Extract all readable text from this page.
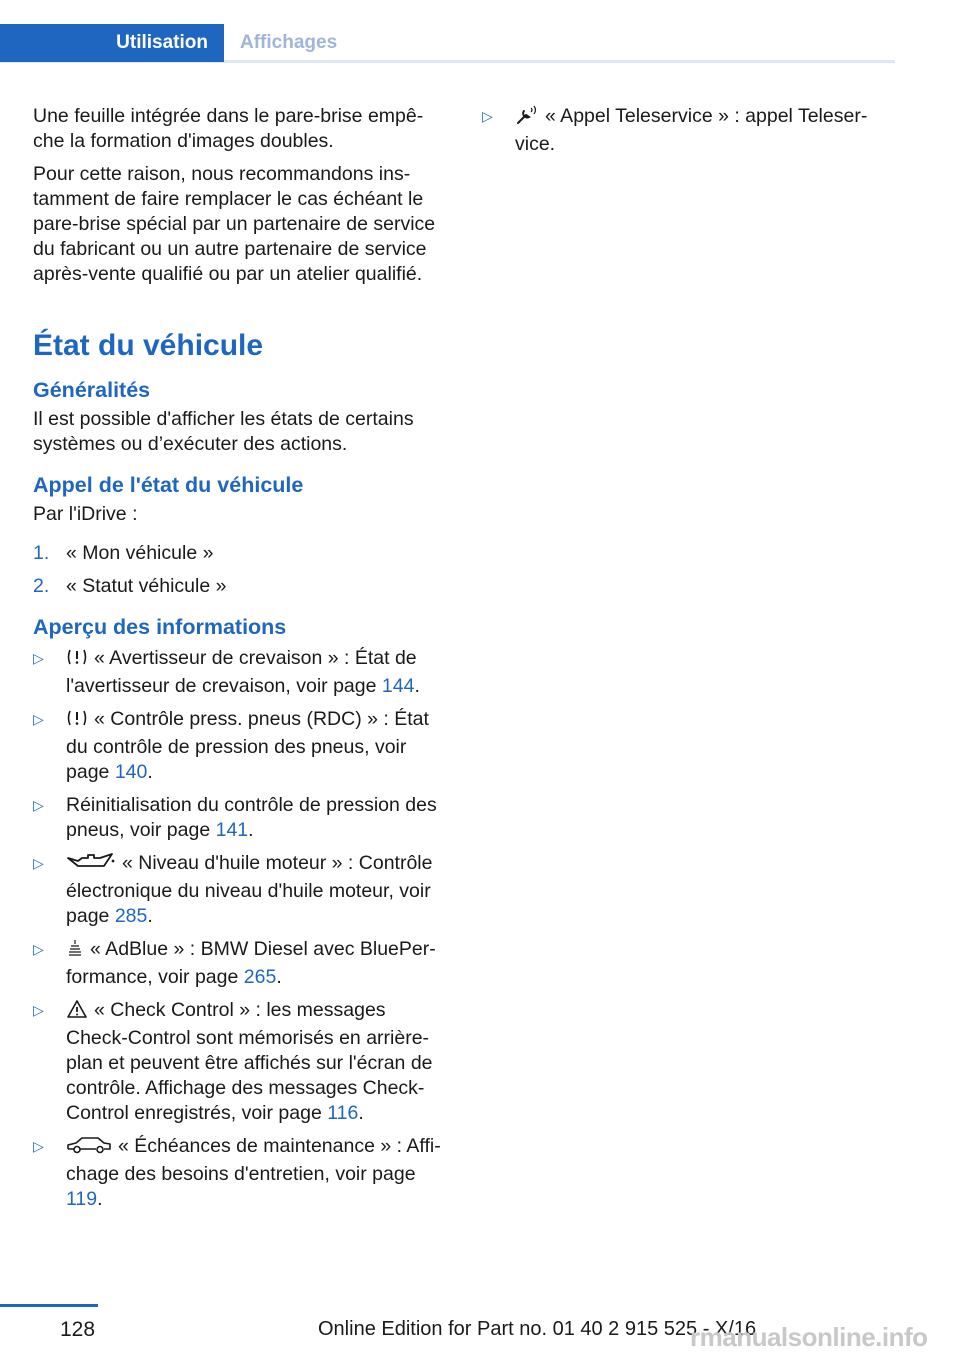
Utilisation	Affichages

Une feuille intégrée dans le pare-brise empê-che la formation d'images doubles.

Pour cette raison, nous recommandons ins-tamment de faire remplacer le cas échéant le pare-brise spécial par un partenaire de service du fabricant ou un autre partenaire de service après-vente qualifié ou par un atelier qualifié.

État du véhicule
Généralités

Il est possible d'afficher les états de certains systèmes ou d’exécuter des actions.

Appel de l'état du véhicule

Par l'iDrive :

1. « Mon véhicule »
2. « Statut véhicule »
Aperçu des informations
▷	« Avertisseur de crevaison » : État de l'avertisseur de crevaison, voir page 144.
▷	« Contrôle press. pneus (RDC) » : État du contrôle de pression des pneus, voir page 140.
▷ Réinitialisation du contrôle de pression des pneus, voir page 141.
▷	« Niveau d'huile moteur » : Contrôle électronique du niveau d'huile moteur, voir page 285.
▷ « AdBlue » : BMW Diesel avec BluePer-formance, voir page 265.
▷	« Check Control » : les messages Check-Control sont mémorisés en arrière-plan et peuvent être affichés sur l'écran de contrôle. Affichage des messages Check-Control enregistrés, voir page 116.
▷	« Échéances de maintenance » : Affi-chage des besoins d'entretien, voir page 119.
▷	« Appel Teleservice » : appel Teleser-vice.
128	Online Edition for Part no. 01 40 2 915 525 - X/16
rmanualsonline.info
